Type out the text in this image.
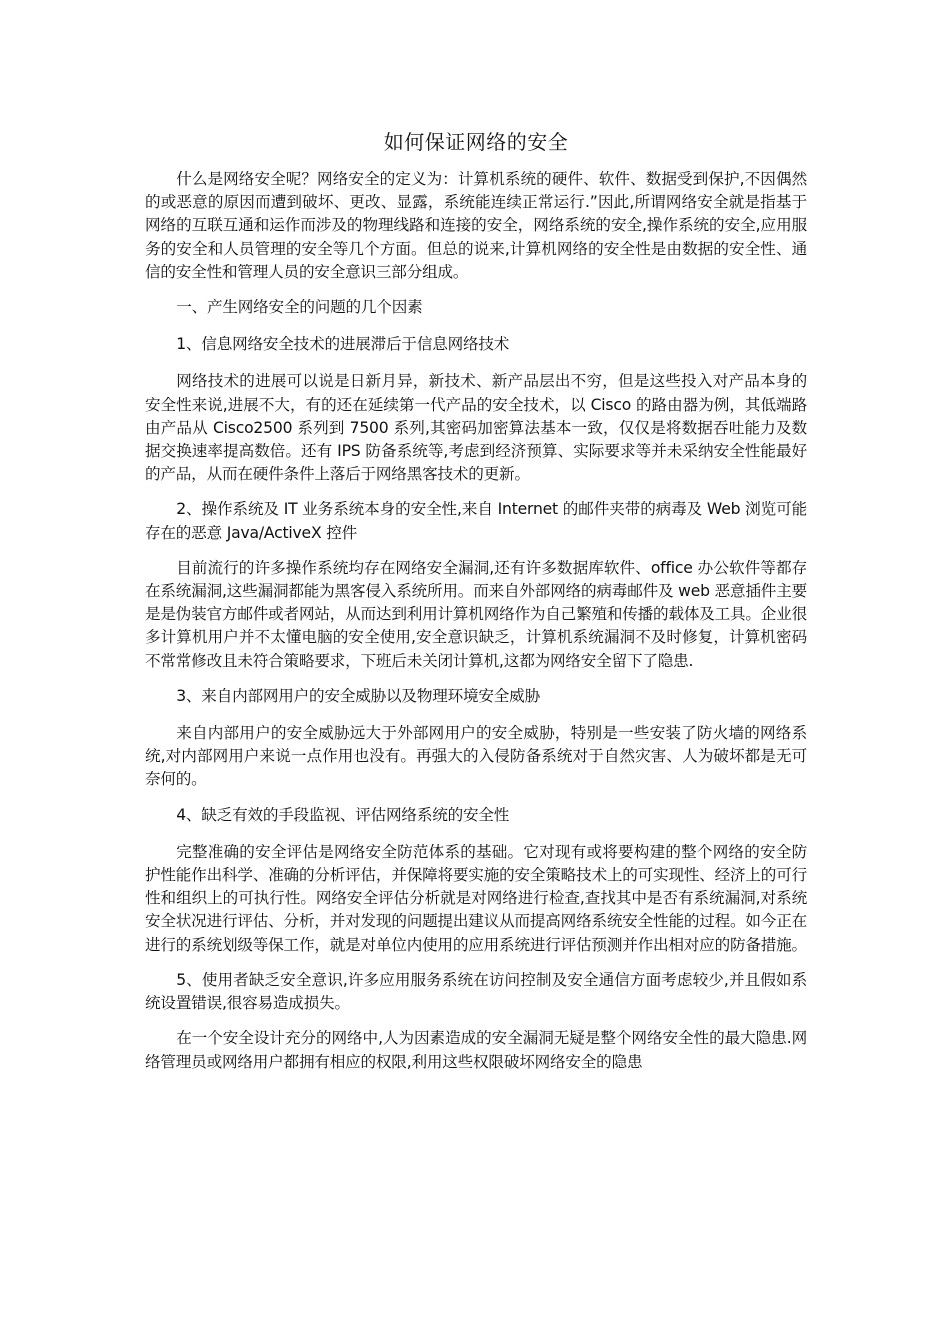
如何保证网络的安全

什么是网络安全呢？网络安全的定义为：计算机系统的硬件、软件、数据受到保护,不因偶然的或恶意的原因而遭到破坏、更改、显露，系统能连续正常运行.”因此,所谓网络安全就是指基于网络的互联互通和运作而涉及的物理线路和连接的安全，网络系统的安全,操作系统的安全,应用服务的安全和人员管理的安全等几个方面。但总的说来,计算机网络的安全性是由数据的安全性、通信的安全性和管理人员的安全意识三部分组成。

一、产生网络安全的问题的几个因素

1、信息网络安全技术的进展滞后于信息网络技术

网络技术的进展可以说是日新月异，新技术、新产品层出不穷，但是这些投入对产品本身的安全性来说,进展不大，有的还在延续第一代产品的安全技术，以 Cisco 的路由器为例，其低端路由产品从 Cisco2500 系列到 7500 系列,其密码加密算法基本一致，仅仅是将数据吞吐能力及数据交换速率提高数倍。还有 IPS 防备系统等,考虑到经济预算、实际要求等并未采纳安全性能最好的产品，从而在硬件条件上落后于网络黑客技术的更新。

2、操作系统及 IT 业务系统本身的安全性,来自 Internet 的邮件夹带的病毒及 Web 浏览可能存在的恶意 Java/ActiveX 控件

目前流行的许多操作系统均存在网络安全漏洞,还有许多数据库软件、office 办公软件等都存在系统漏洞,这些漏洞都能为黑客侵入系统所用。而来自外部网络的病毒邮件及 web 恶意插件主要是是伪装官方邮件或者网站，从而达到利用计算机网络作为自己繁殖和传播的载体及工具。企业很多计算机用户并不太懂电脑的安全使用,安全意识缺乏，计算机系统漏洞不及时修复，计算机密码不常常修改且未符合策略要求，下班后未关闭计算机,这都为网络安全留下了隐患.

3、来自内部网用户的安全威胁以及物理环境安全威胁

来自内部用户的安全威胁远大于外部网用户的安全威胁，特别是一些安装了防火墙的网络系统,对内部网用户来说一点作用也没有。再强大的入侵防备系统对于自然灾害、人为破坏都是无可奈何的。

4、缺乏有效的手段监视、评估网络系统的安全性

完整准确的安全评估是网络安全防范体系的基础。它对现有或将要构建的整个网络的安全防护性能作出科学、准确的分析评估，并保障将要实施的安全策略技术上的可实现性、经济上的可行性和组织上的可执行性。网络安全评估分析就是对网络进行检查,查找其中是否有系统漏洞,对系统安全状况进行评估、分析，并对发现的问题提出建议从而提高网络系统安全性能的过程。如今正在进行的系统划级等保工作，就是对单位内使用的应用系统进行评估预测并作出相对应的防备措施。

5、使用者缺乏安全意识,许多应用服务系统在访问控制及安全通信方面考虑较少,并且假如系统设置错误,很容易造成损失。

在一个安全设计充分的网络中,人为因素造成的安全漏洞无疑是整个网络安全性的最大隐患.网络管理员或网络用户都拥有相应的权限,利用这些权限破坏网络安全的隐患
